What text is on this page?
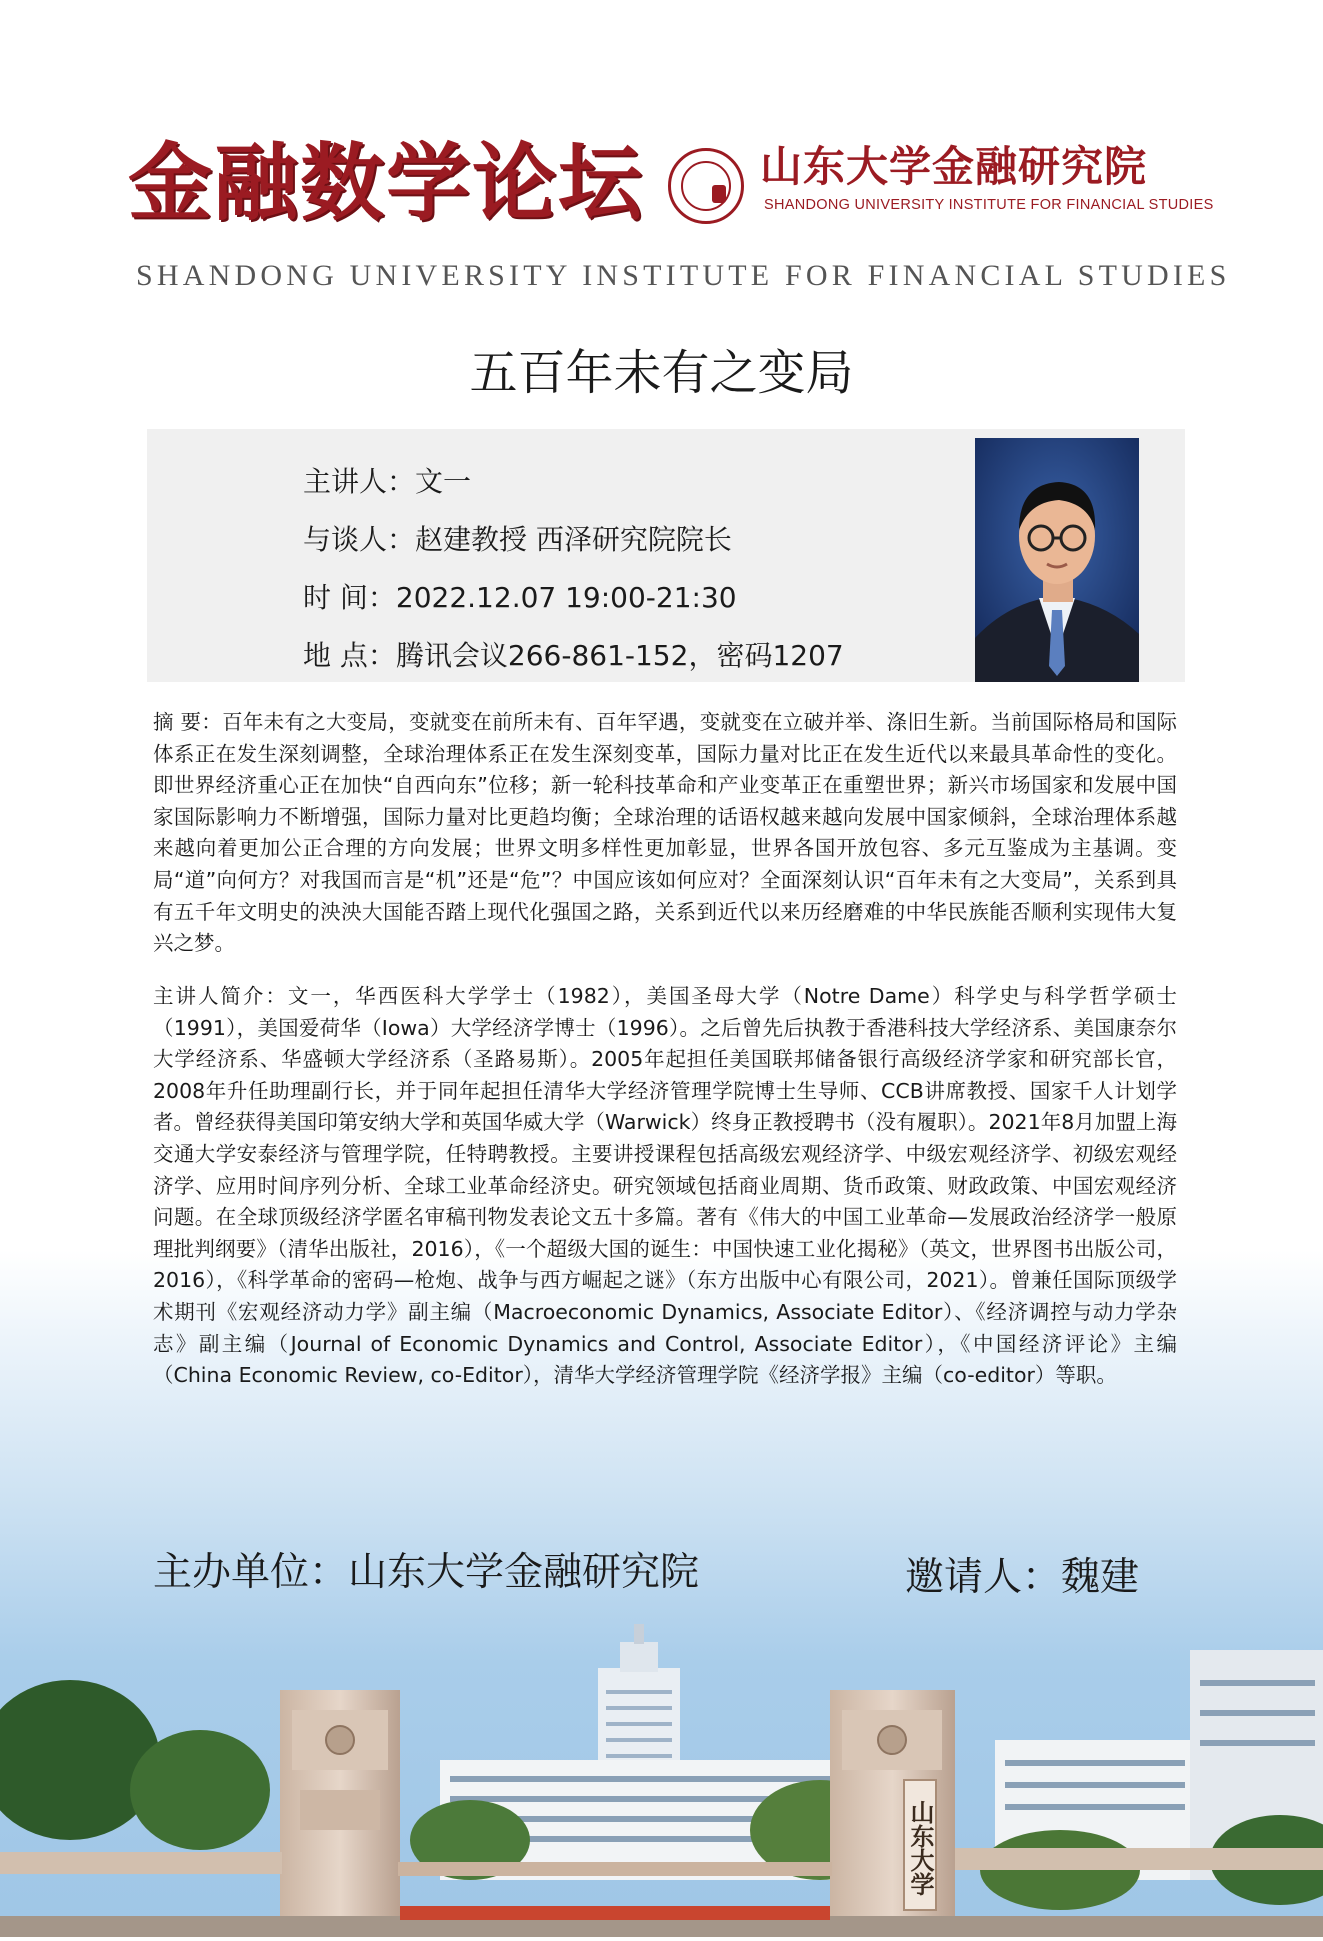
金融数学论坛	山东大学金融研究院
SHANDONG UNIVERSITY INSTITUTE FOR FINANCIAL STUDIES
SHANDONG UNIVERSITY INSTITUTE FOR FINANCIAL STUDIES
五百年未有之变局
主讲人：文一
与谈人：赵建教授 西泽研究院院长
时 间：2022.12.07 19:00-21:30
地 点：腾讯会议266-861-152，密码1207
摘 要：百年未有之大变局，变就变在前所未有、百年罕遇，变就变在立破并举、涤旧生新。当前国际格局和国际体系正在发生深刻调整，全球治理体系正在发生深刻变革，国际力量对比正在发生近代以来最具革命性的变化。即世界经济重心正在加快“自西向东”位移；新一轮科技革命和产业变革正在重塑世界；新兴市场国家和发展中国家国际影响力不断增强，国际力量对比更趋均衡；全球治理的话语权越来越向发展中国家倾斜，全球治理体系越来越向着更加公正合理的方向发展；世界文明多样性更加彰显，世界各国开放包容、多元互鉴成为主基调。变局“道”向何方？对我国而言是“机”还是“危”？中国应该如何应对？全面深刻认识“百年未有之大变局”，关系到具有五千年文明史的泱泱大国能否踏上现代化强国之路，关系到近代以来历经磨难的中华民族能否顺利实现伟大复兴之梦。
主讲人简介：文一，华西医科大学学士（1982），美国圣母大学（Notre Dame）科学史与科学哲学硕士（1991），美国爱荷华（Iowa）大学经济学博士（1996）。之后曾先后执教于香港科技大学经济系、美国康奈尔大学经济系、华盛顿大学经济系（圣路易斯）。2005年起担任美国联邦储备银行高级经济学家和研究部长官，2008年升任助理副行长，并于同年起担任清华大学经济管理学院博士生导师、CCB讲席教授、国家千人计划学者。曾经获得美国印第安纳大学和英国华威大学（Warwick）终身正教授聘书（没有履职）。2021年8月加盟上海交通大学安泰经济与管理学院，任特聘教授。主要讲授课程包括高级宏观经济学、中级宏观经济学、初级宏观经济学、应用时间序列分析、全球工业革命经济史。研究领域包括商业周期、货币政策、财政政策、中国宏观经济问题。在全球顶级经济学匿名审稿刊物发表论文五十多篇。著有《伟大的中国工业革命—发展政治经济学一般原理批判纲要》（清华出版社，2016），《一个超级大国的诞生：中国快速工业化揭秘》（英文，世界图书出版公司，2016），《科学革命的密码—枪炮、战争与西方崛起之谜》（东方出版中心有限公司，2021）。曾兼任国际顶级学术期刊《宏观经济动力学》副主编（Macroeconomic Dynamics, Associate Editor）、《经济调控与动力学杂志》副主编（Journal of Economic Dynamics and Control, Associate Editor），《中国经济评论》主编（China Economic Review, co-Editor），清华大学经济管理学院《经济学报》主编（co-editor）等职。
主办单位：山东大学金融研究院	邀请人：魏建
山东大学
